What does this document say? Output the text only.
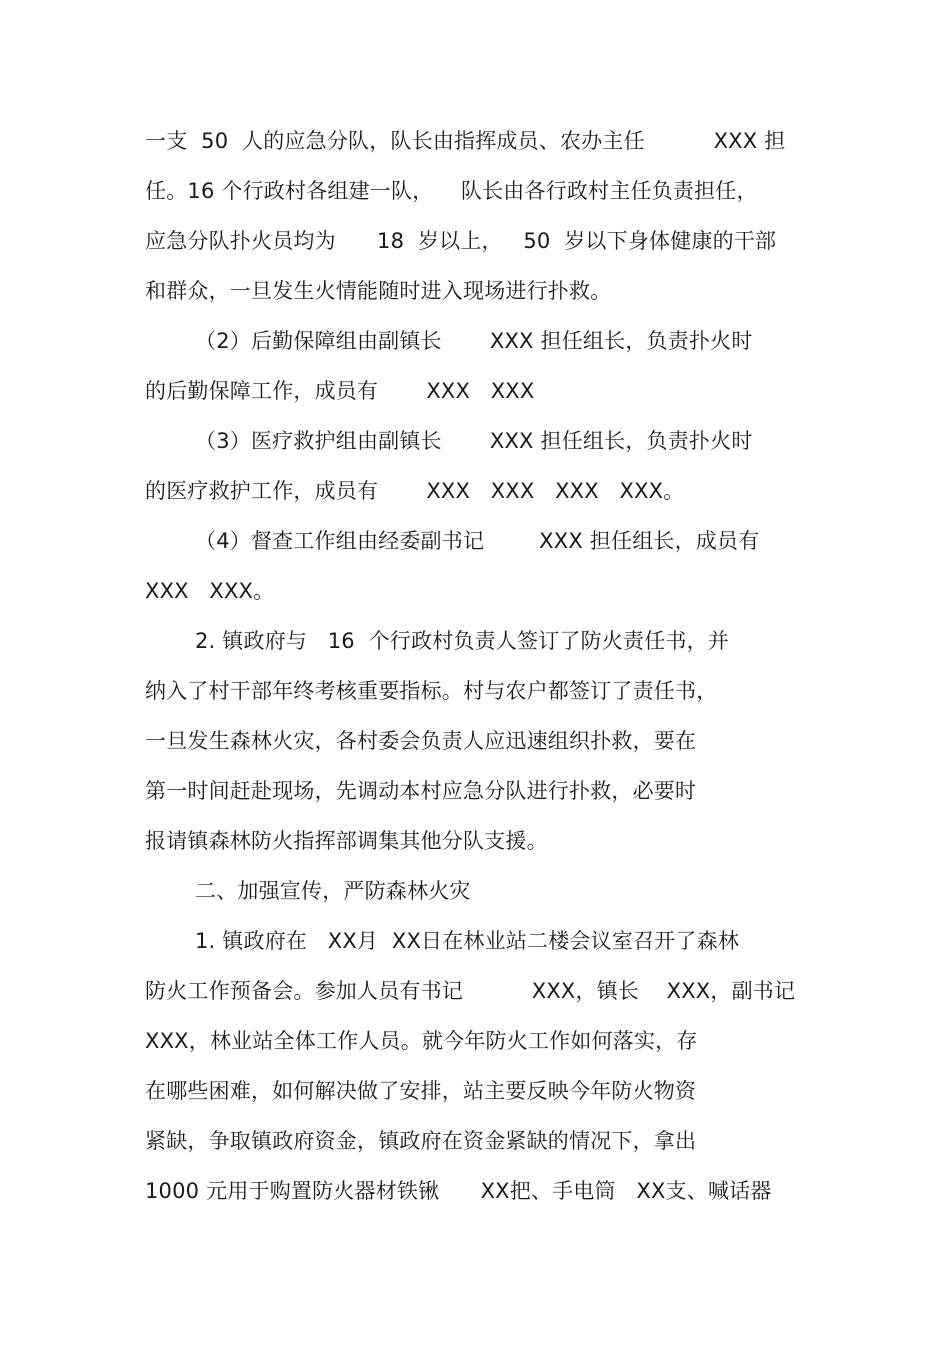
一支  50  人的应急分队，队长由指挥成员、农办主任          XXX 担
任。16 个行政村各组建一队，    队长由各行政村主任负责担任，
应急分队扑火员均为      18  岁以上，   50  岁以下身体健康的干部
和群众，一旦发生火情能随时进入现场进行扑救。
（2）后勤保障组由副镇长       XXX 担任组长，负责扑火时
的后勤保障工作，成员有       XXX   XXX
（3）医疗救护组由副镇长       XXX 担任组长，负责扑火时
的医疗救护工作，成员有       XXX   XXX   XXX   XXX。
（4）督查工作组由经委副书记        XXX 担任组长，成员有
XXX   XXX。
2. 镇政府与   16  个行政村负责人签订了防火责任书，并
纳入了村干部年终考核重要指标。村与农户都签订了责任书，
一旦发生森林火灾，各村委会负责人应迅速组织扑救，要在
第一时间赶赴现场，先调动本村应急分队进行扑救，必要时
报请镇森林防火指挥部调集其他分队支援。
二、加强宣传，严防森林火灾
1. 镇政府在   XX月  XX日在林业站二楼会议室召开了森林
防火工作预备会。参加人员有书记          XXX，镇长    XXX，副书记
XXX，林业站全体工作人员。就今年防火工作如何落实，存
在哪些困难，如何解决做了安排，站主要反映今年防火物资
紧缺，争取镇政府资金，镇政府在资金紧缺的情况下，拿出
1000 元用于购置防火器材铁锹      XX把、手电筒   XX支、喊话器
